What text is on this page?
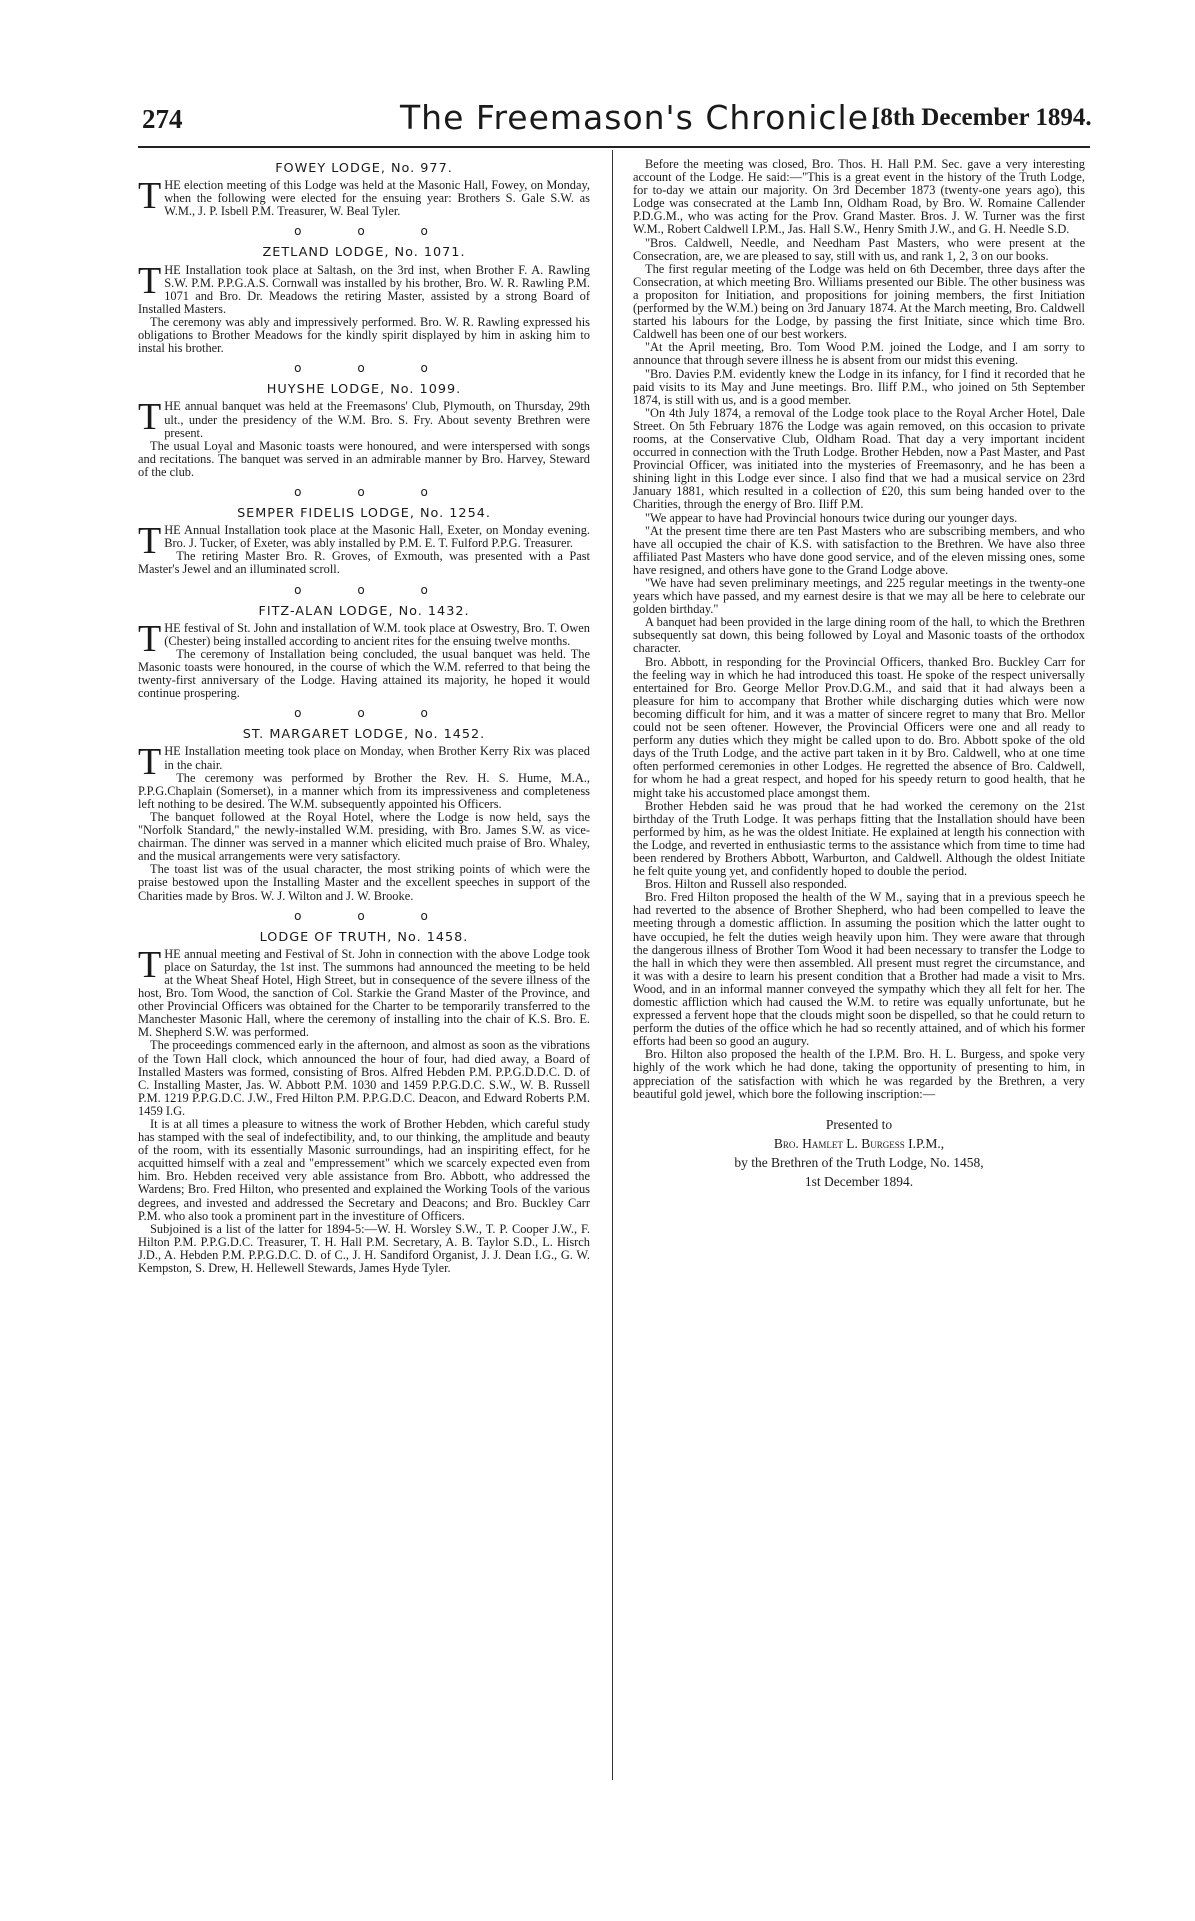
274	The Freemason's Chronicle.
[8th December 1894.
FOWEY LODGE, No. 977.

THE election meeting of this Lodge was held at the Masonic Hall, Fowey, on Monday, when the following were elected for the ensuing year: Brothers S. Gale S.W. as W.M., J. P. Isbell P.M. Treasurer, W. Beal Tyler.

o o o
ZETLAND LODGE, No. 1071.

THE Installation took place at Saltash, on the 3rd inst, when Brother F. A. Rawling S.W. P.M. P.P.G.A.S. Cornwall was installed by his brother, Bro. W. R. Rawling P.M. 1071 and Bro. Dr. Meadows the retiring Master, assisted by a strong Board of Installed Masters.

The ceremony was ably and impressively performed. Bro. W. R. Rawling expressed his obligations to Brother Meadows for the kindly spirit displayed by him in asking him to instal his brother.

o o o
HUYSHE LODGE, No. 1099.

THE annual banquet was held at the Freemasons' Club, Plymouth, on Thursday, 29th ult., under the presidency of the W.M. Bro. S. Fry. About seventy Brethren were present.

The usual Loyal and Masonic toasts were honoured, and were interspersed with songs and recitations. The banquet was served in an admirable manner by Bro. Harvey, Steward of the club.

o o o
SEMPER FIDELIS LODGE, No. 1254.

THE Annual Installation took place at the Masonic Hall, Exeter, on Monday evening. Bro. J. Tucker, of Exeter, was ably installed by P.M. E. T. Fulford P.P.G. Treasurer.

The retiring Master Bro. R. Groves, of Exmouth, was presented with a Past Master's Jewel and an illuminated scroll.

o o o
FITZ-ALAN LODGE, No. 1432.

THE festival of St. John and installation of W.M. took place at Oswestry, Bro. T. Owen (Chester) being installed according to ancient rites for the ensuing twelve months.

The ceremony of Installation being concluded, the usual banquet was held. The Masonic toasts were honoured, in the course of which the W.M. referred to that being the twenty-first anniversary of the Lodge. Having attained its majority, he hoped it would continue prospering.

o o o
ST. MARGARET LODGE, No. 1452.

THE Installation meeting took place on Monday, when Brother Kerry Rix was placed in the chair.

The ceremony was performed by Brother the Rev. H. S. Hume, M.A., P.P.G.Chaplain (Somerset), in a manner which from its impressiveness and completeness left nothing to be desired. The W.M. subsequently appointed his Officers.

The banquet followed at the Royal Hotel, where the Lodge is now held, says the "Norfolk Standard," the newly-installed W.M. presiding, with Bro. James S.W. as vice-chairman. The dinner was served in a manner which elicited much praise of Bro. Whaley, and the musical arrangements were very satisfactory.

The toast list was of the usual character, the most striking points of which were the praise bestowed upon the Installing Master and the excellent speeches in support of the Charities made by Bros. W. J. Wilton and J. W. Brooke.

o o o
LODGE OF TRUTH, No. 1458.

THE annual meeting and Festival of St. John in connection with the above Lodge took place on Saturday, the 1st inst. The summons had announced the meeting to be held at the Wheat Sheaf Hotel, High Street, but in consequence of the severe illness of the host, Bro. Tom Wood, the sanction of Col. Starkie the Grand Master of the Province, and other Provincial Officers was obtained for the Charter to be temporarily transferred to the Manchester Masonic Hall, where the ceremony of installing into the chair of K.S. Bro. E. M. Shepherd S.W. was performed.

The proceedings commenced early in the afternoon, and almost as soon as the vibrations of the Town Hall clock, which announced the hour of four, had died away, a Board of Installed Masters was formed, consisting of Bros. Alfred Hebden P.M. P.P.G.D.D.C. D. of C. Installing Master, Jas. W. Abbott P.M. 1030 and 1459 P.P.G.D.C. S.W., W. B. Russell P.M. 1219 P.P.G.D.C. J.W., Fred Hilton P.M. P.P.G.D.C. Deacon, and Edward Roberts P.M. 1459 I.G.

It is at all times a pleasure to witness the work of Brother Hebden, which careful study has stamped with the seal of indefectibility, and, to our thinking, the amplitude and beauty of the room, with its essentially Masonic surroundings, had an inspiriting effect, for he acquitted himself with a zeal and "empressement" which we scarcely expected even from him. Bro. Hebden received very able assistance from Bro. Abbott, who addressed the Wardens; Bro. Fred Hilton, who presented and explained the Working Tools of the various degrees, and invested and addressed the Secretary and Deacons; and Bro. Buckley Carr P.M. who also took a prominent part in the investiture of Officers.

Subjoined is a list of the latter for 1894-5:—W. H. Worsley S.W., T. P. Cooper J.W., F. Hilton P.M. P.P.G.D.C. Treasurer, T. H. Hall P.M. Secretary, A. B. Taylor S.D., L. Hisrch J.D., A. Hebden P.M. P.P.G.D.C. D. of C., J. H. Sandiford Organist, J. J. Dean I.G., G. W. Kempston, S. Drew, H. Hellewell Stewards, James Hyde Tyler.

Before the meeting was closed, Bro. Thos. H. Hall P.M. Sec. gave a very interesting account of the Lodge. He said:—"This is a great event in the history of the Truth Lodge, for to-day we attain our majority. On 3rd December 1873 (twenty-one years ago), this Lodge was consecrated at the Lamb Inn, Oldham Road, by Bro. W. Romaine Callender P.D.G.M., who was acting for the Prov. Grand Master. Bros. J. W. Turner was the first W.M., Robert Caldwell I.P.M., Jas. Hall S.W., Henry Smith J.W., and G. H. Needle S.D.

"Bros. Caldwell, Needle, and Needham Past Masters, who were present at the Consecration, are, we are pleased to say, still with us, and rank 1, 2, 3 on our books.

The first regular meeting of the Lodge was held on 6th December, three days after the Consecration, at which meeting Bro. Williams presented our Bible. The other business was a propositon for Initiation, and propositions for joining members, the first Initiation (performed by the W.M.) being on 3rd January 1874. At the March meeting, Bro. Caldwell started his labours for the Lodge, by passing the first Initiate, since which time Bro. Caldwell has been one of our best workers.

"At the April meeting, Bro. Tom Wood P.M. joined the Lodge, and I am sorry to announce that through severe illness he is absent from our midst this evening.

"Bro. Davies P.M. evidently knew the Lodge in its infancy, for I find it recorded that he paid visits to its May and June meetings. Bro. Iliff P.M., who joined on 5th September 1874, is still with us, and is a good member.

"On 4th July 1874, a removal of the Lodge took place to the Royal Archer Hotel, Dale Street. On 5th February 1876 the Lodge was again removed, on this occasion to private rooms, at the Conservative Club, Oldham Road. That day a very important incident occurred in connection with the Truth Lodge. Brother Hebden, now a Past Master, and Past Provincial Officer, was initiated into the mysteries of Freemasonry, and he has been a shining light in this Lodge ever since. I also find that we had a musical service on 23rd January 1881, which resulted in a collection of £20, this sum being handed over to the Charities, through the energy of Bro. Iliff P.M.

"We appear to have had Provincial honours twice during our younger days.

"At the present time there are ten Past Masters who are subscribing members, and who have all occupied the chair of K.S. with satisfaction to the Brethren. We have also three affiliated Past Masters who have done good service, and of the eleven missing ones, some have resigned, and others have gone to the Grand Lodge above.

"We have had seven preliminary meetings, and 225 regular meetings in the twenty-one years which have passed, and my earnest desire is that we may all be here to celebrate our golden birthday."

A banquet had been provided in the large dining room of the hall, to which the Brethren subsequently sat down, this being followed by Loyal and Masonic toasts of the orthodox character.

Bro. Abbott, in responding for the Provincial Officers, thanked Bro. Buckley Carr for the feeling way in which he had introduced this toast. He spoke of the respect universally entertained for Bro. George Mellor Prov.D.G.M., and said that it had always been a pleasure for him to accompany that Brother while discharging duties which were now becoming difficult for him, and it was a matter of sincere regret to many that Bro. Mellor could not be seen oftener. However, the Provincial Officers were one and all ready to perform any duties which they might be called upon to do. Bro. Abbott spoke of the old days of the Truth Lodge, and the active part taken in it by Bro. Caldwell, who at one time often performed ceremonies in other Lodges. He regretted the absence of Bro. Caldwell, for whom he had a great respect, and hoped for his speedy return to good health, that he might take his accustomed place amongst them.

Brother Hebden said he was proud that he had worked the ceremony on the 21st birthday of the Truth Lodge. It was perhaps fitting that the Installation should have been performed by him, as he was the oldest Initiate. He explained at length his connection with the Lodge, and reverted in enthusiastic terms to the assistance which from time to time had been rendered by Brothers Abbott, Warburton, and Caldwell. Although the oldest Initiate he felt quite young yet, and confidently hoped to double the period.

Bros. Hilton and Russell also responded.

Bro. Fred Hilton proposed the health of the W M., saying that in a previous speech he had reverted to the absence of Brother Shepherd, who had been compelled to leave the meeting through a domestic affliction. In assuming the position which the latter ought to have occupied, he felt the duties weigh heavily upon him. They were aware that through the dangerous illness of Brother Tom Wood it had been necessary to transfer the Lodge to the hall in which they were then assembled. All present must regret the circumstance, and it was with a desire to learn his present condition that a Brother had made a visit to Mrs. Wood, and in an informal manner conveyed the sympathy which they all felt for her. The domestic affliction which had caused the W.M. to retire was equally unfortunate, but he expressed a fervent hope that the clouds might soon be dispelled, so that he could return to perform the duties of the office which he had so recently attained, and of which his former efforts had been so good an augury.

Bro. Hilton also proposed the health of the I.P.M. Bro. H. L. Burgess, and spoke very highly of the work which he had done, taking the opportunity of presenting to him, in appreciation of the satisfaction with which he was regarded by the Brethren, a very beautiful gold jewel, which bore the following inscription:—

Presented to

Bro. Hamlet L. Burgess I.P.M.,

by the Brethren of the Truth Lodge, No. 1458,

1st December 1894.
